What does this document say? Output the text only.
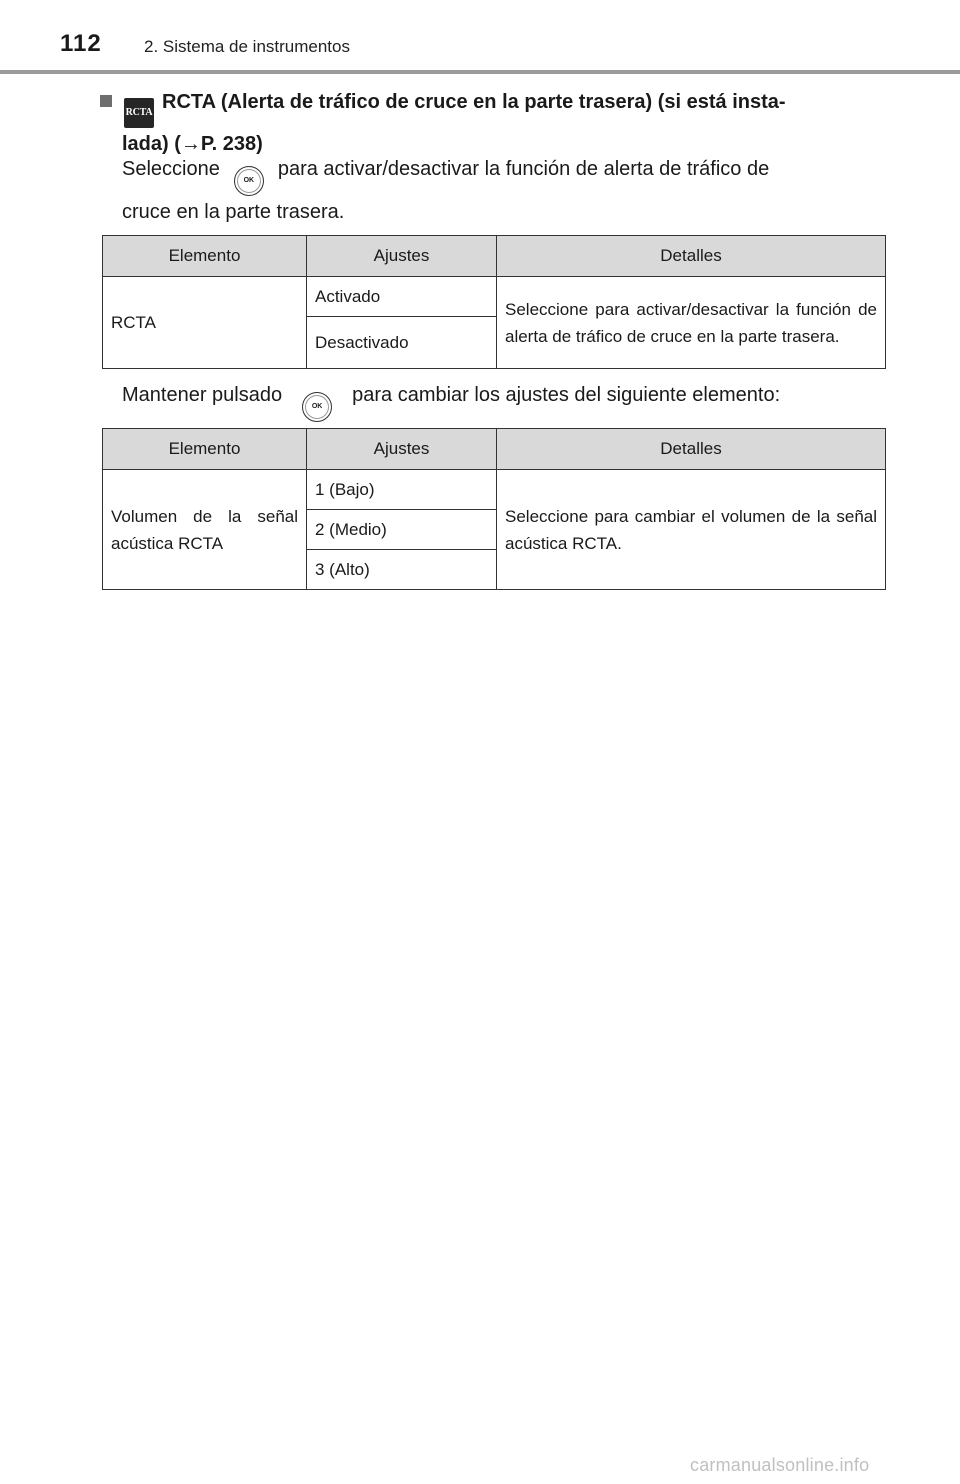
112 2. Sistema de instrumentos
RCTA RCTA (Alerta de tráfico de cruce en la parte trasera) (si está insta-
lada) (→P. 238)
SeleccioneOKpara activar/desactivar la función de alerta de tráfico de
cruce en la parte trasera.
Elemento	Ajustes	Detalles
RCTA	Activado	Seleccione para activar/desactivar la función de alerta de tráfico de cruce en la parte trasera.
	Desactivado	
Mantener pulsadoOKpara cambiar los ajustes del siguiente elemento:
Elemento	Ajustes	Detalles
Volumen de la señal acústica RCTA	1 (Bajo)	Seleccione para cambiar el volumen de la señal acústica RCTA.
	2 (Medio)	
	3 (Alto)	
carmanualsonline.info
